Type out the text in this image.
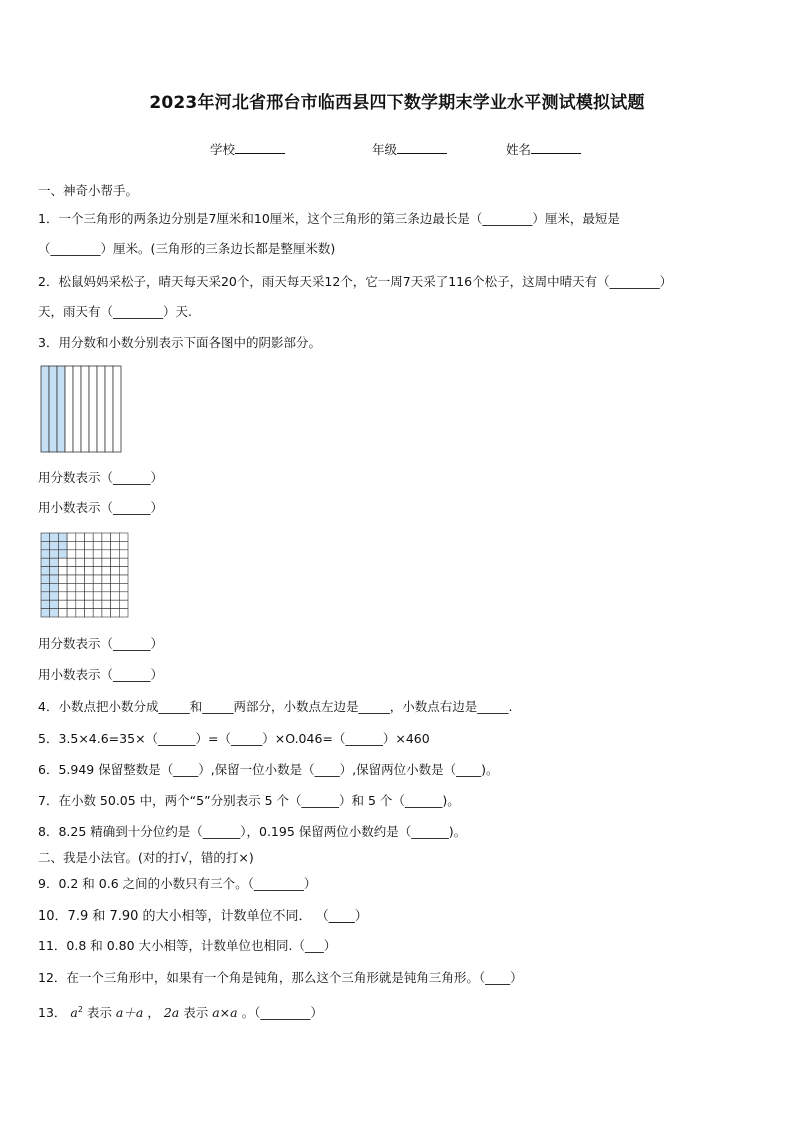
2023年河北省邢台市临西县四下数学期末学业水平测试模拟试题
学校	年级	姓名
一、神奇小帮手。
1．一个三角形的两条边分别是7厘米和10厘米，这个三角形的第三条边最长是（________）厘米，最短是
（________）厘米。(三角形的三条边长都是整厘米数)
2．松鼠妈妈采松子，晴天每天采20个，雨天每天采12个，它一周7天采了116个松子，这周中晴天有（________）
天，雨天有（________）天.
3．用分数和小数分别表示下面各图中的阴影部分。
用分数表示（______）
用小数表示（______）
用分数表示（______）
用小数表示（______）
4．小数点把小数分成_____和_____两部分，小数点左边是_____，小数点右边是_____.
5．3.5×4.6=35×（______）=（_____）×O.046=（______）×460
6．5.949 保留整数是（____）,保留一位小数是（____）,保留两位小数是（____)。
7．在小数 50.05 中，两个“5”分别表示 5 个（______）和 5 个（______)。
8．8.25 精确到十分位约是（______），0.195 保留两位小数约是（______)。
二、我是小法官。(对的打√，错的打×)
9．0.2 和 0.6 之间的小数只有三个。（________）
10．7.9 和 7.90 的大小相等，计数单位不同． （____）
11．0.8 和 0.80 大小相等，计数单位也相同.（___）
12．在一个三角形中，如果有一个角是钝角，那么这个三角形就是钝角三角形。（____）
13． $a^2$ 表示 a＋a ， 2a 表示 a×a 。（________）
